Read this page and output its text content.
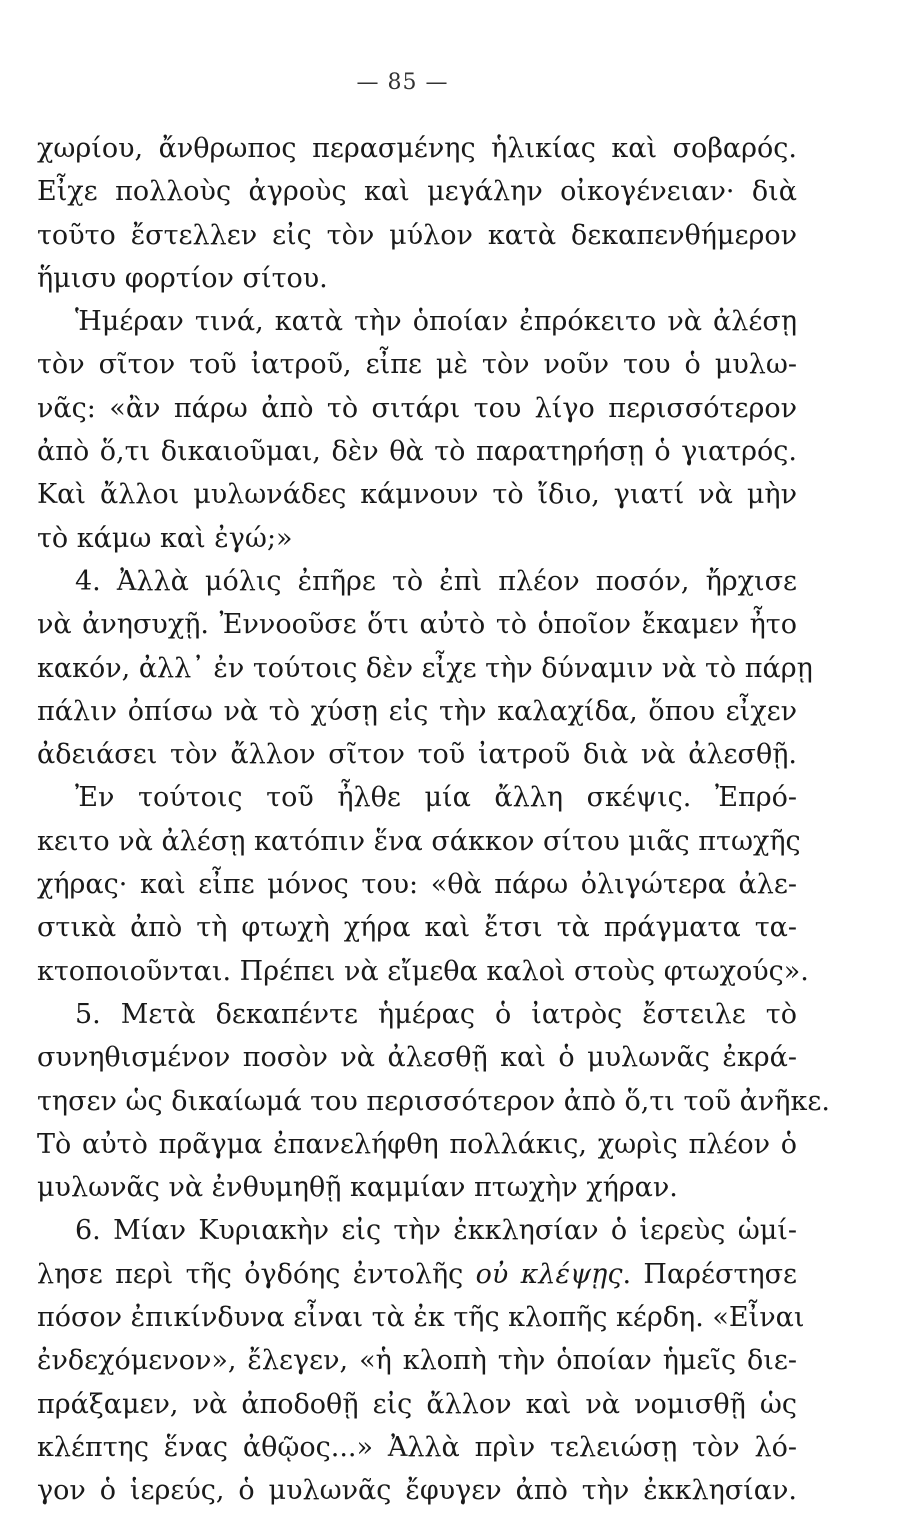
— 85 —
χωρίου, ἄνθρωπος περασμένης ἡλικίας καὶ σοβαρός.
Εἶχε πολλοὺς ἀγροὺς καὶ μεγάλην οἰκογένειαν· διὰ
τοῦτο ἔστελλεν εἰς τὸν μύλον κατὰ δεκαπενθήμερον
ἥμισυ φορτίον σίτου.
Ἡμέραν τινά, κατὰ τὴν ὁποίαν ἐπρόκειτο νὰ ἀλέσῃ
τὸν σῖτον τοῦ ἰατροῦ, εἶπε μὲ τὸν νοῦν του ὁ μυλω-
νᾶς: «ἂν πάρω ἀπὸ τὸ σιτάρι του λίγο περισσότερον
ἀπὸ ὅ,τι δικαιοῦμαι, δὲν θὰ τὸ παρατηρήσῃ ὁ γιατρός.
Καὶ ἄλλοι μυλωνάδες κάμνουν τὸ ἴδιο, γιατί νὰ μὴν
τὸ κάμω καὶ ἐγώ;»
4. Ἀλλὰ μόλις ἐπῆρε τὸ ἐπὶ πλέον ποσόν, ἤρχισε
νὰ ἀνησυχῇ. Ἐννοοῦσε ὅτι αὐτὸ τὸ ὁποῖον ἔκαμεν ἦτο
κακόν, ἀλλ᾽ ἐν τούτοις δὲν εἶχε τὴν δύναμιν νὰ τὸ πάρῃ
πάλιν ὀπίσω νὰ τὸ χύσῃ εἰς τὴν καλαχίδα, ὅπου εἶχεν
ἀδειάσει τὸν ἄλλον σῖτον τοῦ ἰατροῦ διὰ νὰ ἀλεσθῇ.
Ἐν τούτοις τοῦ ἦλθε μία ἄλλη σκέψις. Ἐπρό-
κειτο νὰ ἀλέσῃ κατόπιν ἕνα σάκκον σίτου μιᾶς πτωχῆς
χήρας· καὶ εἶπε μόνος του: «θὰ πάρω ὀλιγώτερα ἀλε-
στικὰ ἀπὸ τὴ φτωχὴ χήρα καὶ ἔτσι τὰ πράγματα τα-
κτοποιοῦνται. Πρέπει νὰ εἴμεθα καλοὶ στοὺς φτωχούς».
5. Μετὰ δεκαπέντε ἡμέρας ὁ ἰατρὸς ἔστειλε τὸ
συνηθισμένον ποσὸν νὰ ἀλεσθῇ καὶ ὁ μυλωνᾶς ἐκρά-
τησεν ὡς δικαίωμά του περισσότερον ἀπὸ ὅ,τι τοῦ ἀνῆκε.
Τὸ αὐτὸ πρᾶγμα ἐπανελήφθη πολλάκις, χωρὶς πλέον ὁ
μυλωνᾶς νὰ ἐνθυμηθῇ καμμίαν πτωχὴν χήραν.
6. Μίαν Κυριακὴν εἰς τὴν ἐκκλησίαν ὁ ἱερεὺς ὡμί-
λησε περὶ τῆς ὀγδόης ἐντολῆς οὐ κλέψῃς. Παρέστησε
πόσον ἐπικίνδυνα εἶναι τὰ ἐκ τῆς κλοπῆς κέρδη. «Εἶναι
ἐνδεχόμενον», ἔλεγεν, «ἡ κλοπὴ τὴν ὁποίαν ἡμεῖς διε-
πράξαμεν, νὰ ἀποδοθῇ εἰς ἄλλον καὶ νὰ νομισθῇ ὡς
κλέπτης ἕνας ἀθῷος...» Ἀλλὰ πρὶν τελειώσῃ τὸν λό-
γον ὁ ἱερεύς, ὁ μυλωνᾶς ἔφυγεν ἀπὸ τὴν ἐκκλησίαν.
